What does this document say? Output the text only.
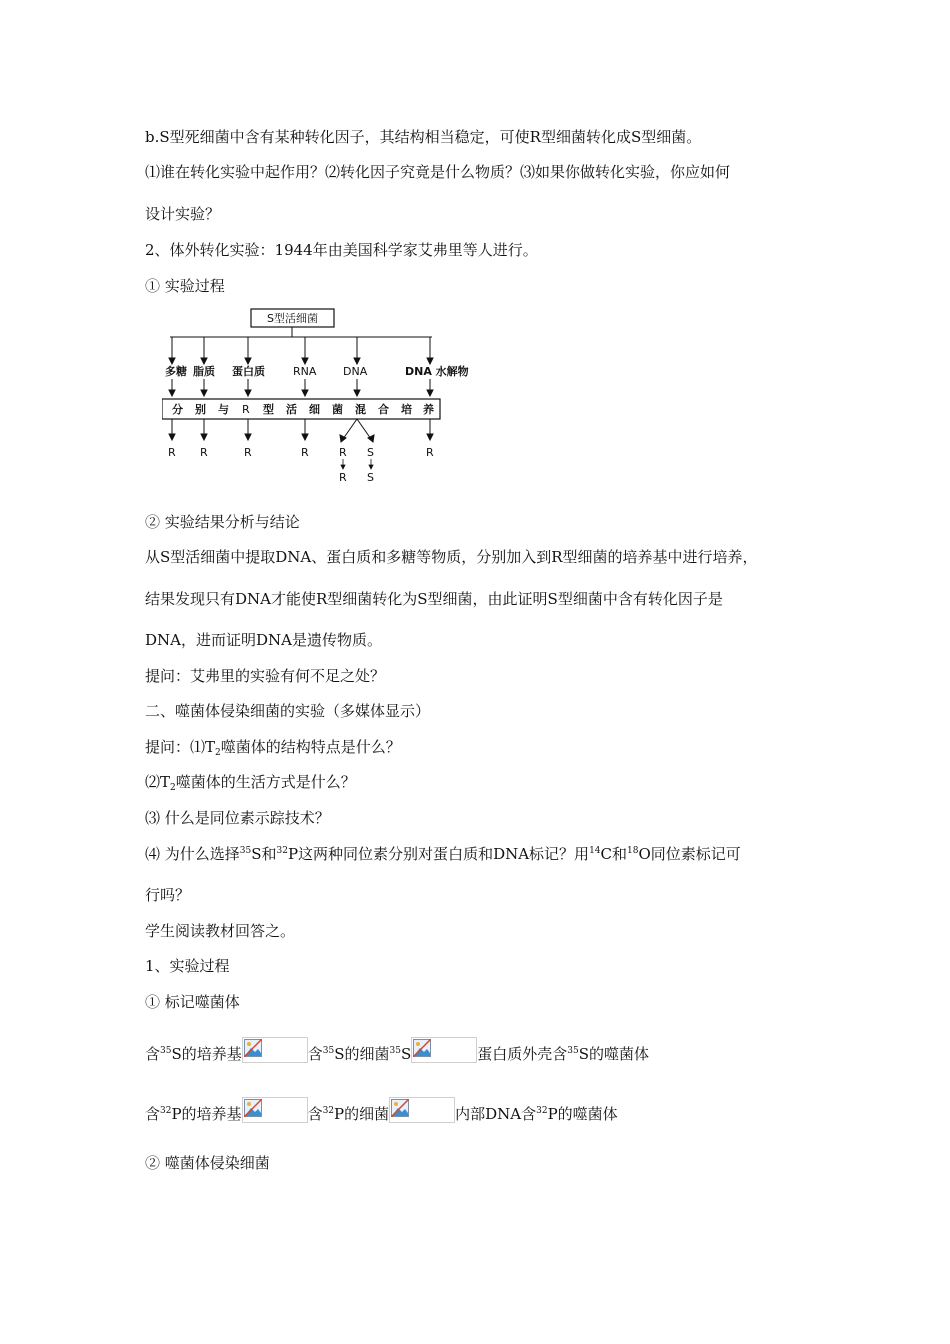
b.S型死细菌中含有某种转化因子，其结构相当稳定，可使R型细菌转化成S型细菌。
⑴谁在转化实验中起作用？⑵转化因子究竟是什么物质？⑶如果你做转化实验，你应如何
设计实验？
2、体外转化实验：1944年由美国科学家艾弗里等人进行。
① 实验过程
S型活细菌
多糖 脂质 蛋白质	RNA DNA	DNA 水解物
分 别 与 R 型 活 细 菌 混 合 培 养
R R	R	R	R S	R
R S
② 实验结果分析与结论
从S型活细菌中提取DNA、蛋白质和多糖等物质，分别加入到R型细菌的培养基中进行培养，
结果发现只有DNA才能使R型细菌转化为S型细菌，由此证明S型细菌中含有转化因子是
DNA，进而证明DNA是遗传物质。
提问：艾弗里的实验有何不足之处？
二、噬菌体侵染细菌的实验（多媒体显示）
提问：$⑴T_2$噬菌体的结构特点是什么？
$⑵T_2$噬菌体的生活方式是什么？
⑶ 什么是同位素示踪技术？
⑷ 为什么选择$^{35}$S和$^{32}$P这两种同位素分别对蛋白质和DNA标记？用$^{14}$C和$^{18}$O同位素标记可
行吗？
学生阅读教材回答之。
1、实验过程
① 标记噬菌体
含$^{35}$S的培养基	含$^{35}$S的细菌$^{35}$S	蛋白质外壳含$^{35}$S的噬菌体
含$^{32}$P的培养基	含$^{32}$P的细菌	内部DNA含$^{32}$P的噬菌体
② 噬菌体侵染细菌
